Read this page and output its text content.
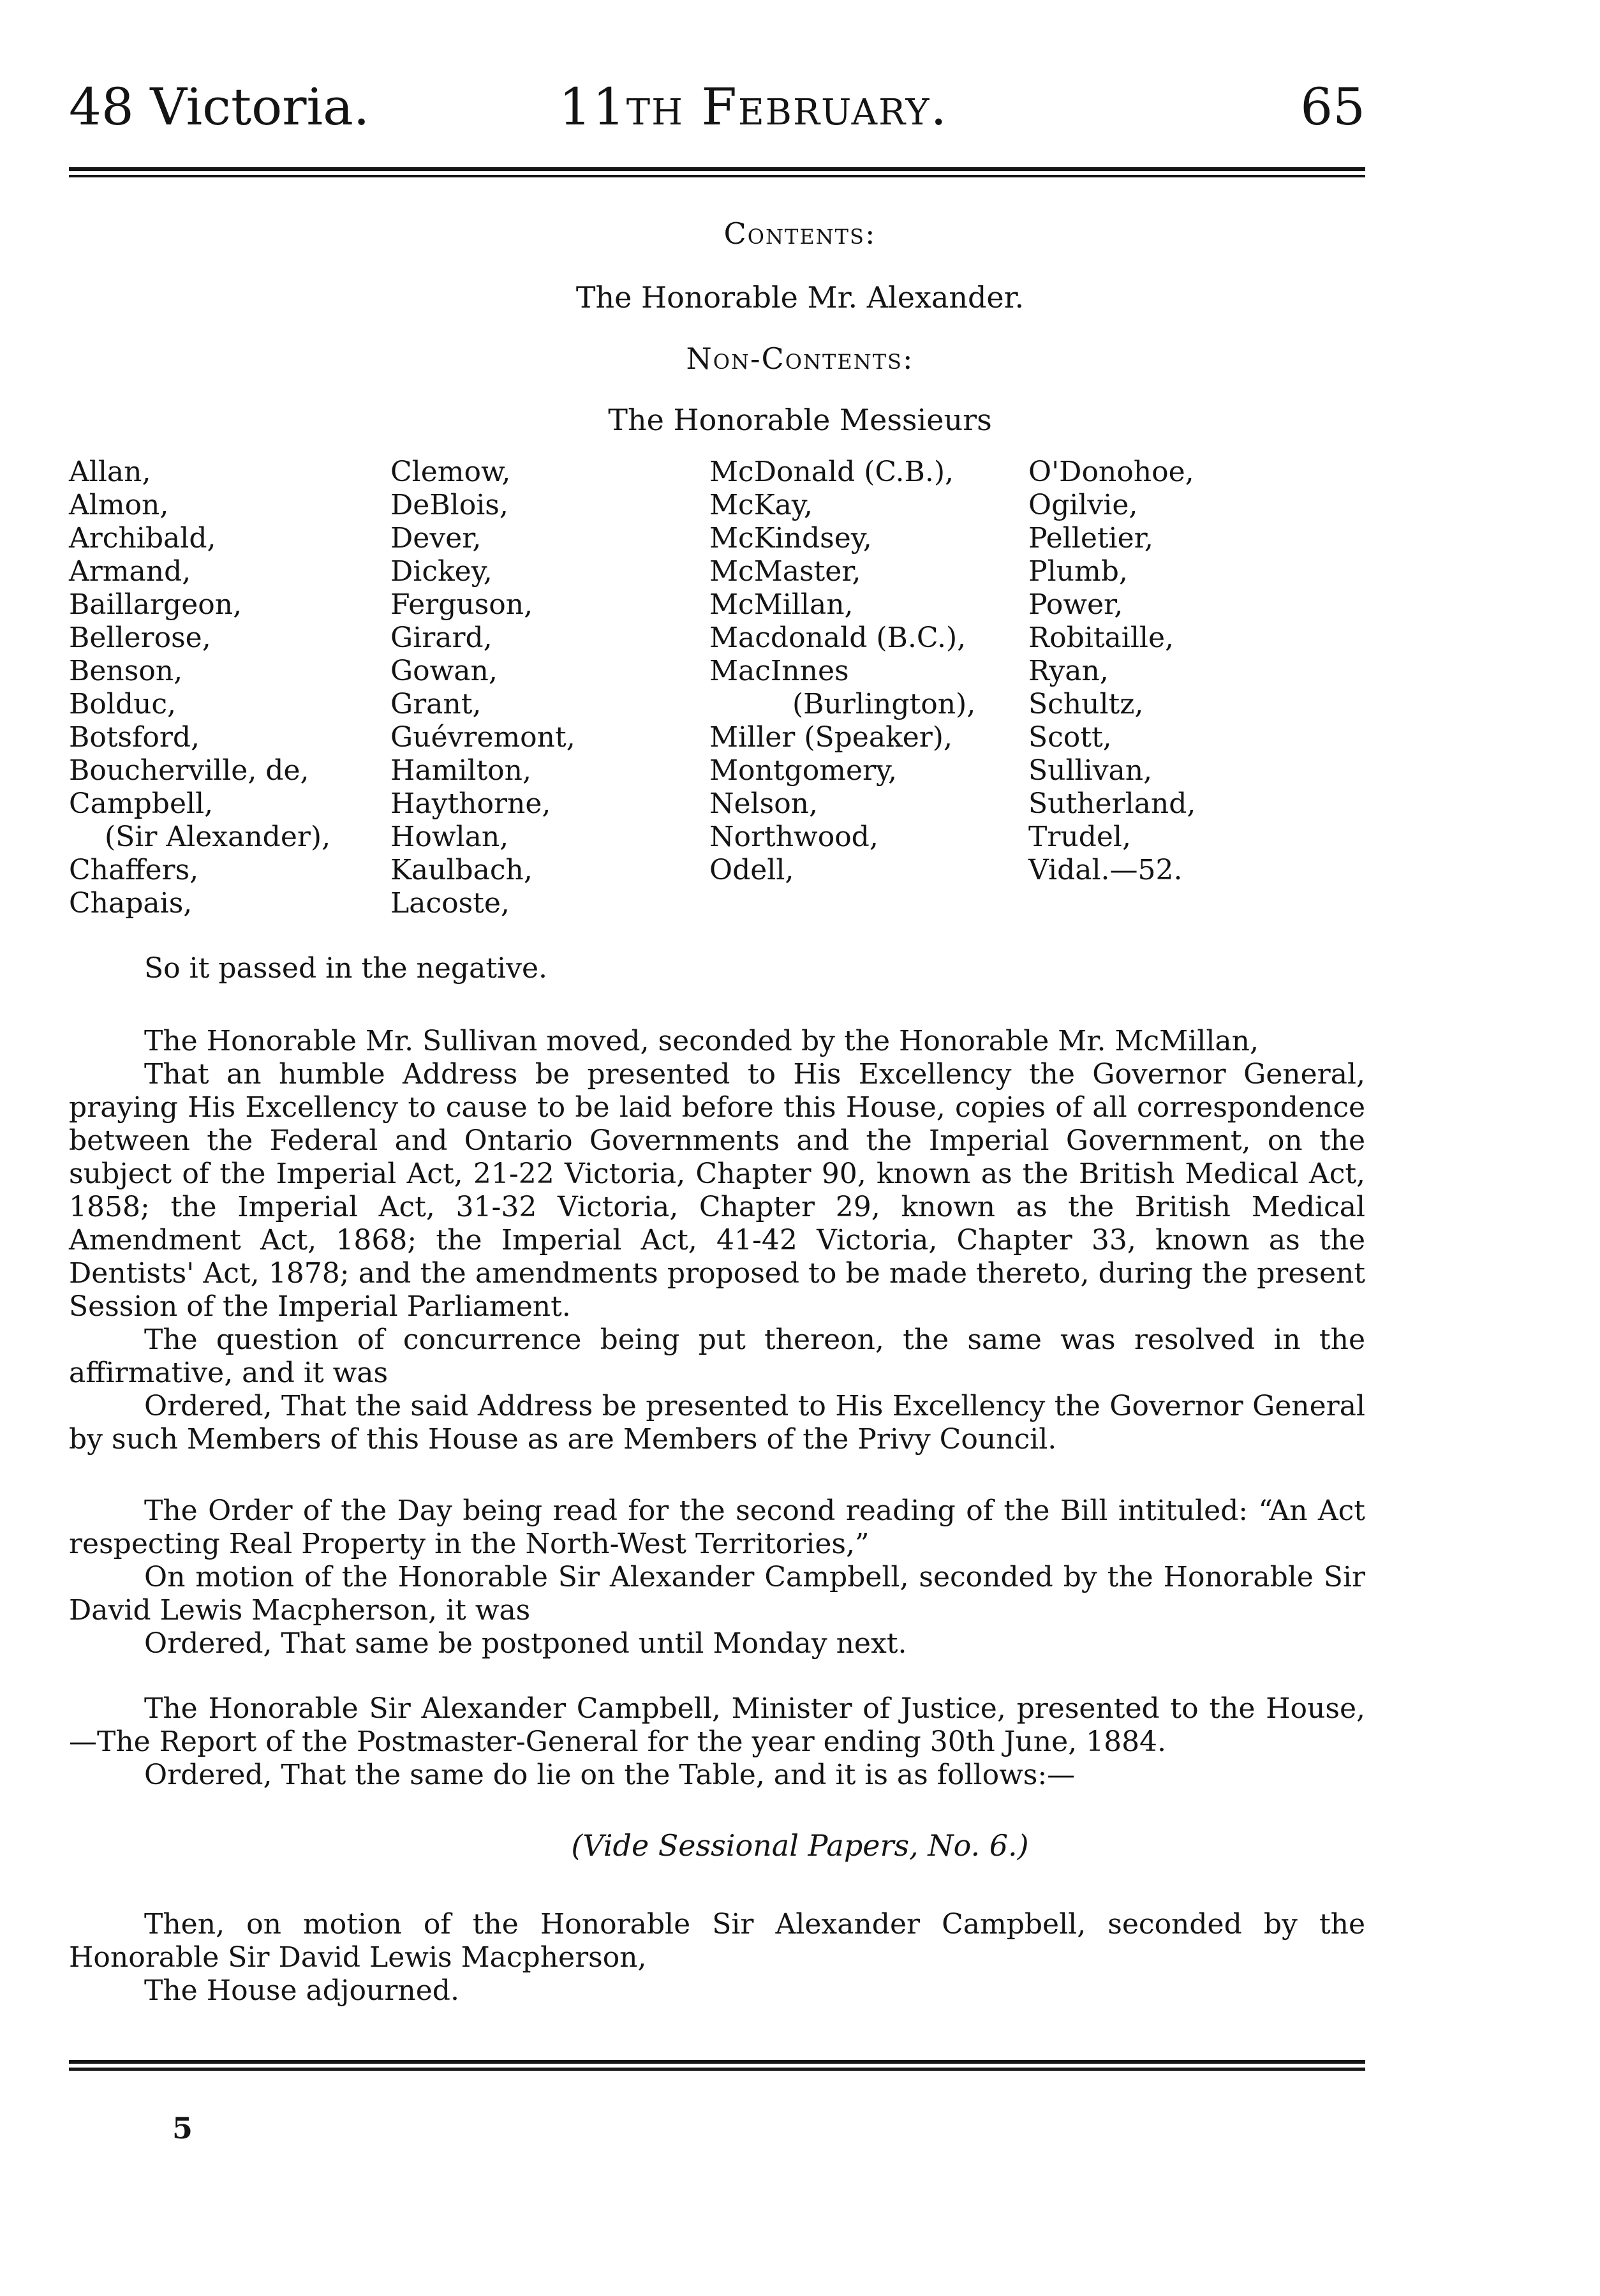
48 Victoria.	11th February.	65
Contents:
The Honorable Mr. Alexander.
Non-Contents:
The Honorable Messieurs
Allan,
Almon,
Archibald,
Armand,
Baillargeon,
Bellerose,
Benson,
Bolduc,
Botsford,
Boucherville, de,
Campbell,
(Sir Alexander),
Chaffers,
Chapais,
Clemow,
DeBlois,
Dever,
Dickey,
Ferguson,
Girard,
Gowan,
Grant,
Guévremont,
Hamilton,
Haythorne,
Howlan,
Kaulbach,
Lacoste,
McDonald (C.B.),
McKay,
McKindsey,
McMaster,
McMillan,
Macdonald (B.C.),
MacInnes
(Burlington),
Miller (Speaker),
Montgomery,
Nelson,
Northwood,
Odell,
O'Donohoe,
Ogilvie,
Pelletier,
Plumb,
Power,
Robitaille,
Ryan,
Schultz,
Scott,
Sullivan,
Sutherland,
Trudel,
Vidal.—52.

So it passed in the negative.

The Honorable Mr. Sullivan moved, seconded by the Honorable Mr. McMillan,

That an humble Address be presented to His Excellency the Governor General, praying His Excellency to cause to be laid before this House, copies of all correspondence between the Federal and Ontario Governments and the Imperial Government, on the subject of the Imperial Act, 21-22 Victoria, Chapter 90, known as the British Medical Act, 1858; the Imperial Act, 31-32 Victoria, Chapter 29, known as the British Medical Amendment Act, 1868; the Imperial Act, 41-42 Victoria, Chapter 33, known as the Dentists' Act, 1878; and the amendments proposed to be made thereto, during the present Session of the Imperial Parliament.

The question of concurrence being put thereon, the same was resolved in the affirmative, and it was

Ordered, That the said Address be presented to His Excellency the Governor General by such Members of this House as are Members of the Privy Council.

The Order of the Day being read for the second reading of the Bill intituled: “An Act respecting Real Property in the North-West Territories,”

On motion of the Honorable Sir Alexander Campbell, seconded by the Honorable Sir David Lewis Macpherson, it was

Ordered, That same be postponed until Monday next.

The Honorable Sir Alexander Campbell, Minister of Justice, presented to the House,—The Report of the Postmaster-General for the year ending 30th June, 1884.

Ordered, That the same do lie on the Table, and it is as follows:—

(Vide Sessional Papers, No. 6.)

Then, on motion of the Honorable Sir Alexander Campbell, seconded by the Honorable Sir David Lewis Macpherson,

The House adjourned.

5
